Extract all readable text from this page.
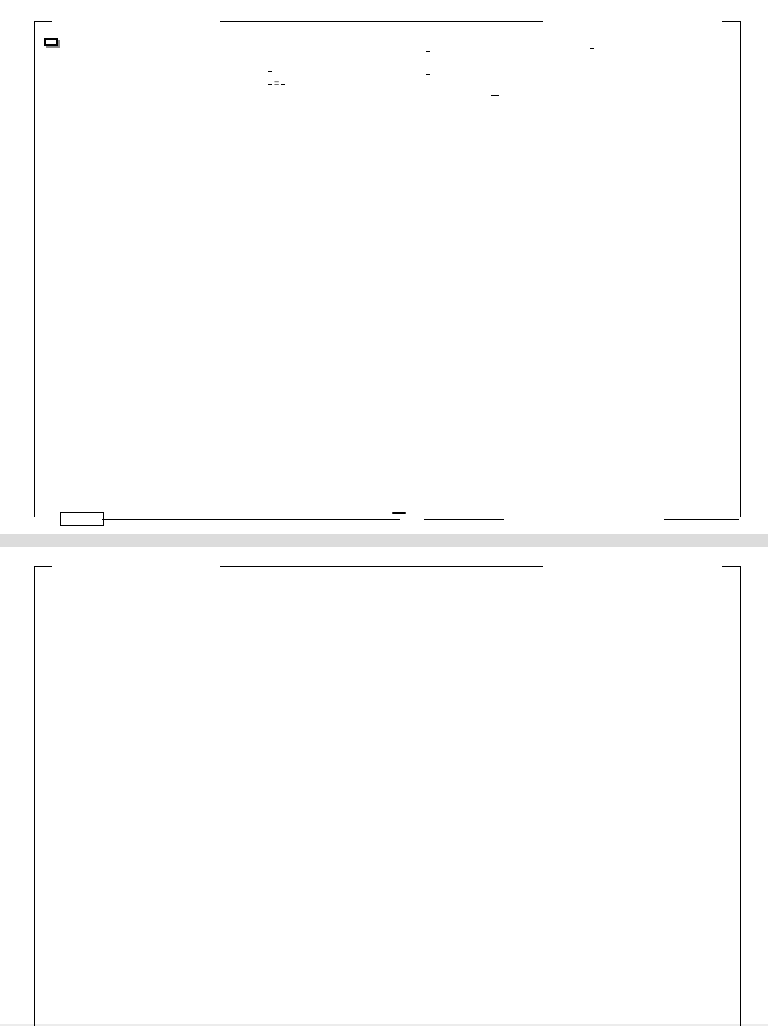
=
